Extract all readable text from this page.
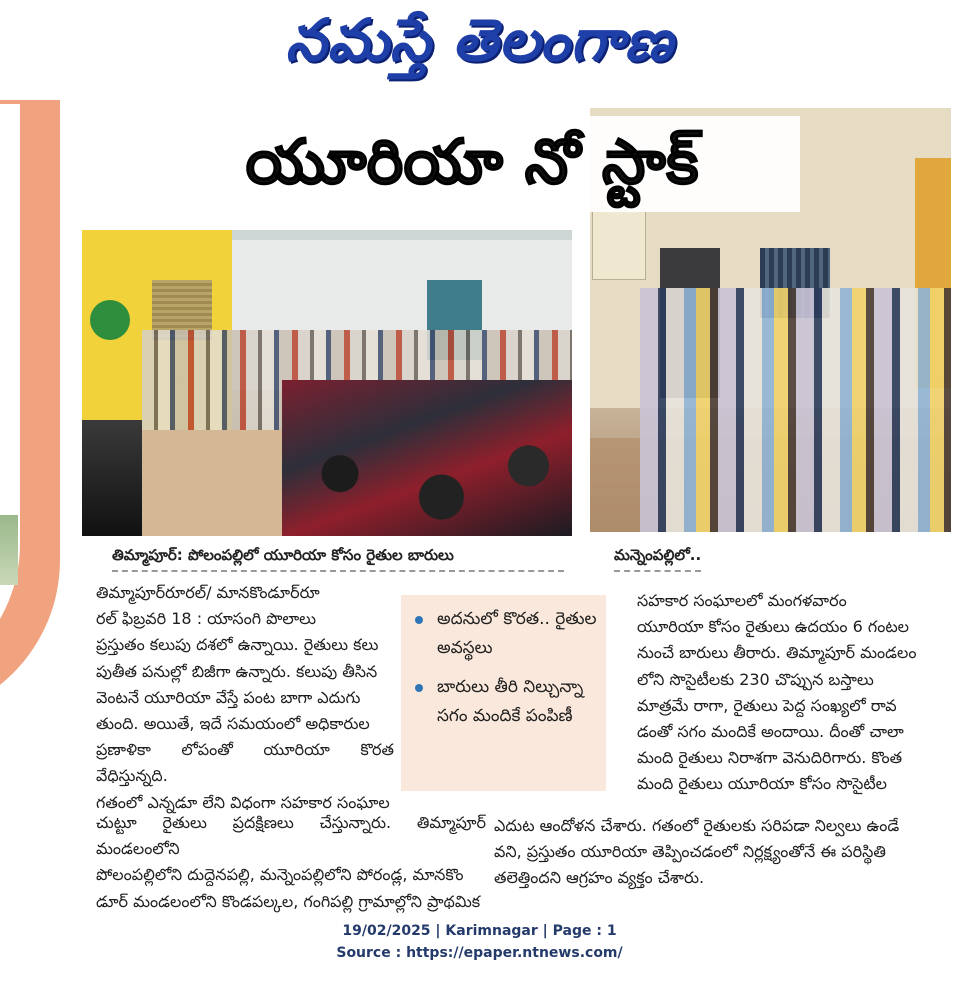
నమస్తే తెలంగాణ
యూరియా నో స్టాక్
తిమ్మాపూర్: పోలంపల్లిలో యూరియా కోసం రైతుల బారులు	మన్నెంపల్లిలో..

తిమ్మాపూర్‌రూరల్/ మానకొండూర్‌రూ

రల్ ఫిబ్రవరి 18 : యాసంగి పొలాలు

ప్రస్తుతం కలుపు దశలో ఉన్నాయి. రైతులు కలు

పుతీత పనుల్లో బిజీగా ఉన్నారు. కలుపు తీసిన

వెంటనే యూరియా వేస్తే పంట బాగా ఎదుగు

తుంది. అయితే, ఇదే సమయంలో అధికారుల

ప్రణాళికా లోపంతో యూరియా కొరత వేధిస్తున్నది.

గతంలో ఎన్నడూ లేని విధంగా సహకార సంఘాల

అదనులో కొరత.. రైతుల అవస్థలు
బారులు తీరి నిల్చున్నా సగం మందికే పంపిణీ

సహకార సంఘాలలో మంగళవారం

యూరియా కోసం రైతులు ఉదయం 6 గంటల

నుంచే బారులు తీరారు. తిమ్మాపూర్ మండలం

లోని సొసైటీలకు 230 చొప్పున బస్తాలు

మాత్రమే రాగా, రైతులు పెద్ద సంఖ్యలో రావ

డంతో సగం మందికే అందాయి. దీంతో చాలా

మంది రైతులు నిరాశగా వెనుదిరిగారు. కొంత

మంది రైతులు యూరియా కోసం సొసైటీల

చుట్టూ రైతులు ప్రదక్షిణలు చేస్తున్నారు. తిమ్మాపూర్ మండలంలోని

పోలంపల్లిలోని దుద్దెనపల్లి, మన్నెంపల్లిలోని పోరండ్ల, మానకొం

డూర్ మండలంలోని కొండపల్కల, గంగిపల్లి గ్రామాల్లోని ప్రాథమిక

ఎదుట ఆందోళన చేశారు. గతంలో రైతులకు సరిపడా నిల్వలు ఉండే

వని, ప్రస్తుతం యూరియా తెప్పించడంలో నిర్లక్ష్యంతోనే ఈ పరిస్థితి

తలెత్తిందని ఆగ్రహం వ్యక్తం చేశారు.

19/02/2025 | Karimnagar | Page : 1
Source : https://epaper.ntnews.com/
